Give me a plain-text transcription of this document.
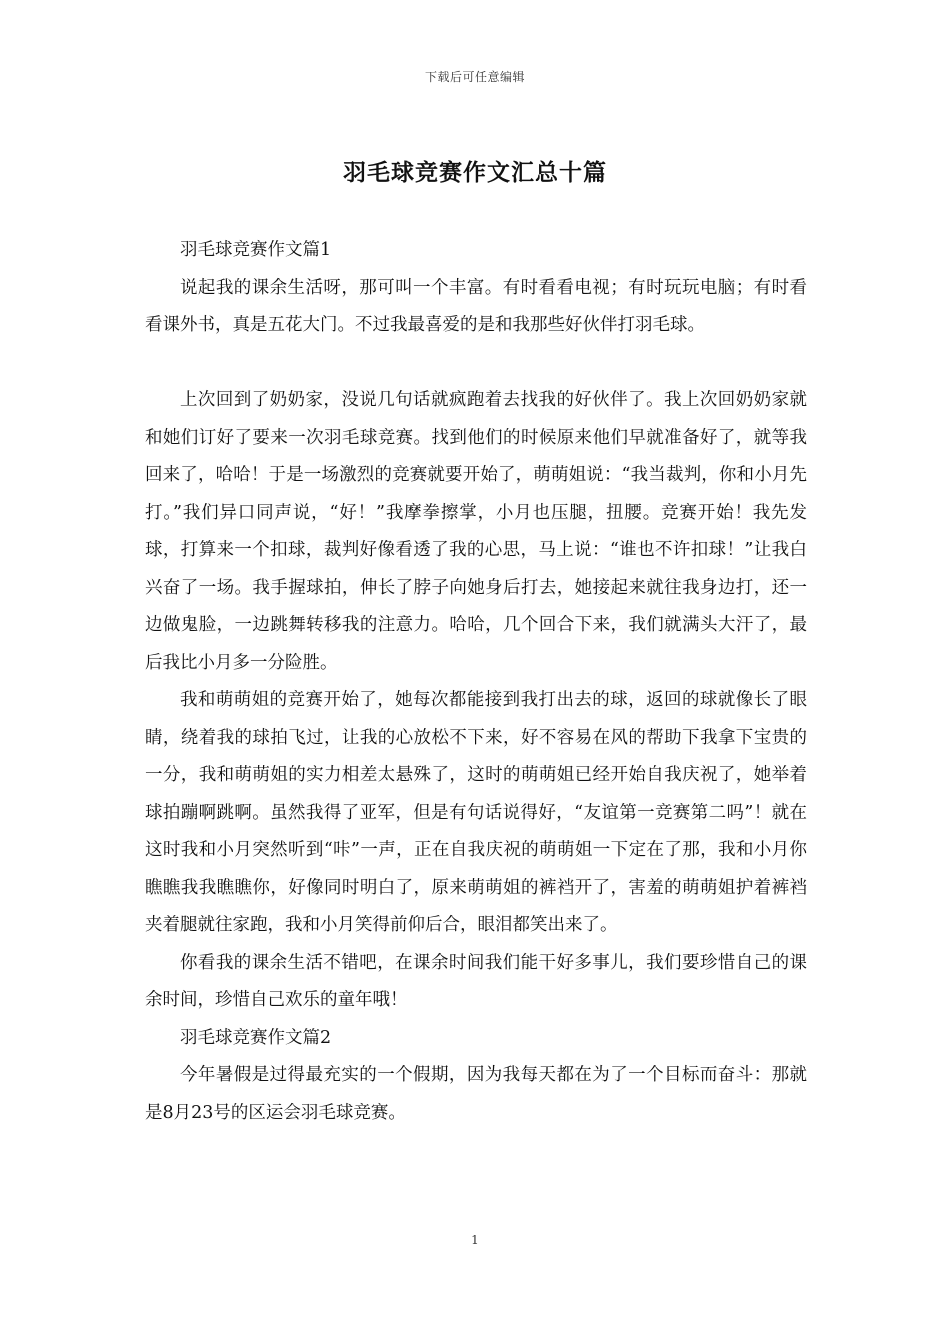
下载后可任意编辑
羽毛球竞赛作文汇总十篇

羽毛球竞赛作文篇1

说起我的课余生活呀，那可叫一个丰富。有时看看电视；有时玩玩电脑；有时看看课外书，真是五花大门。不过我最喜爱的是和我那些好伙伴打羽毛球。

上次回到了奶奶家，没说几句话就疯跑着去找我的好伙伴了。我上次回奶奶家就和她们订好了要来一次羽毛球竞赛。找到他们的时候原来他们早就准备好了，就等我回来了，哈哈！于是一场激烈的竞赛就要开始了，萌萌姐说：“我当裁判，你和小月先打。”我们异口同声说，“好！”我摩拳擦掌，小月也压腿，扭腰。竞赛开始！我先发球，打算来一个扣球，裁判好像看透了我的心思，马上说：“谁也不许扣球！”让我白兴奋了一场。我手握球拍，伸长了脖子向她身后打去，她接起来就往我身边打，还一边做鬼脸，一边跳舞转移我的注意力。哈哈，几个回合下来，我们就满头大汗了，最后我比小月多一分险胜。

我和萌萌姐的竞赛开始了，她每次都能接到我打出去的球，返回的球就像长了眼睛，绕着我的球拍飞过，让我的心放松不下来，好不容易在风的帮助下我拿下宝贵的一分，我和萌萌姐的实力相差太悬殊了，这时的萌萌姐已经开始自我庆祝了，她举着球拍蹦啊跳啊。虽然我得了亚军，但是有句话说得好，“友谊第一竞赛第二吗”！就在这时我和小月突然听到“咔”一声，正在自我庆祝的萌萌姐一下定在了那，我和小月你瞧瞧我我瞧瞧你，好像同时明白了，原来萌萌姐的裤裆开了，害羞的萌萌姐护着裤裆夹着腿就往家跑，我和小月笑得前仰后合，眼泪都笑出来了。

你看我的课余生活不错吧，在课余时间我们能干好多事儿，我们要珍惜自己的课余时间，珍惜自己欢乐的童年哦！

羽毛球竞赛作文篇2

今年暑假是过得最充实的一个假期，因为我每天都在为了一个目标而奋斗：那就是8月23号的区运会羽毛球竞赛。

1
